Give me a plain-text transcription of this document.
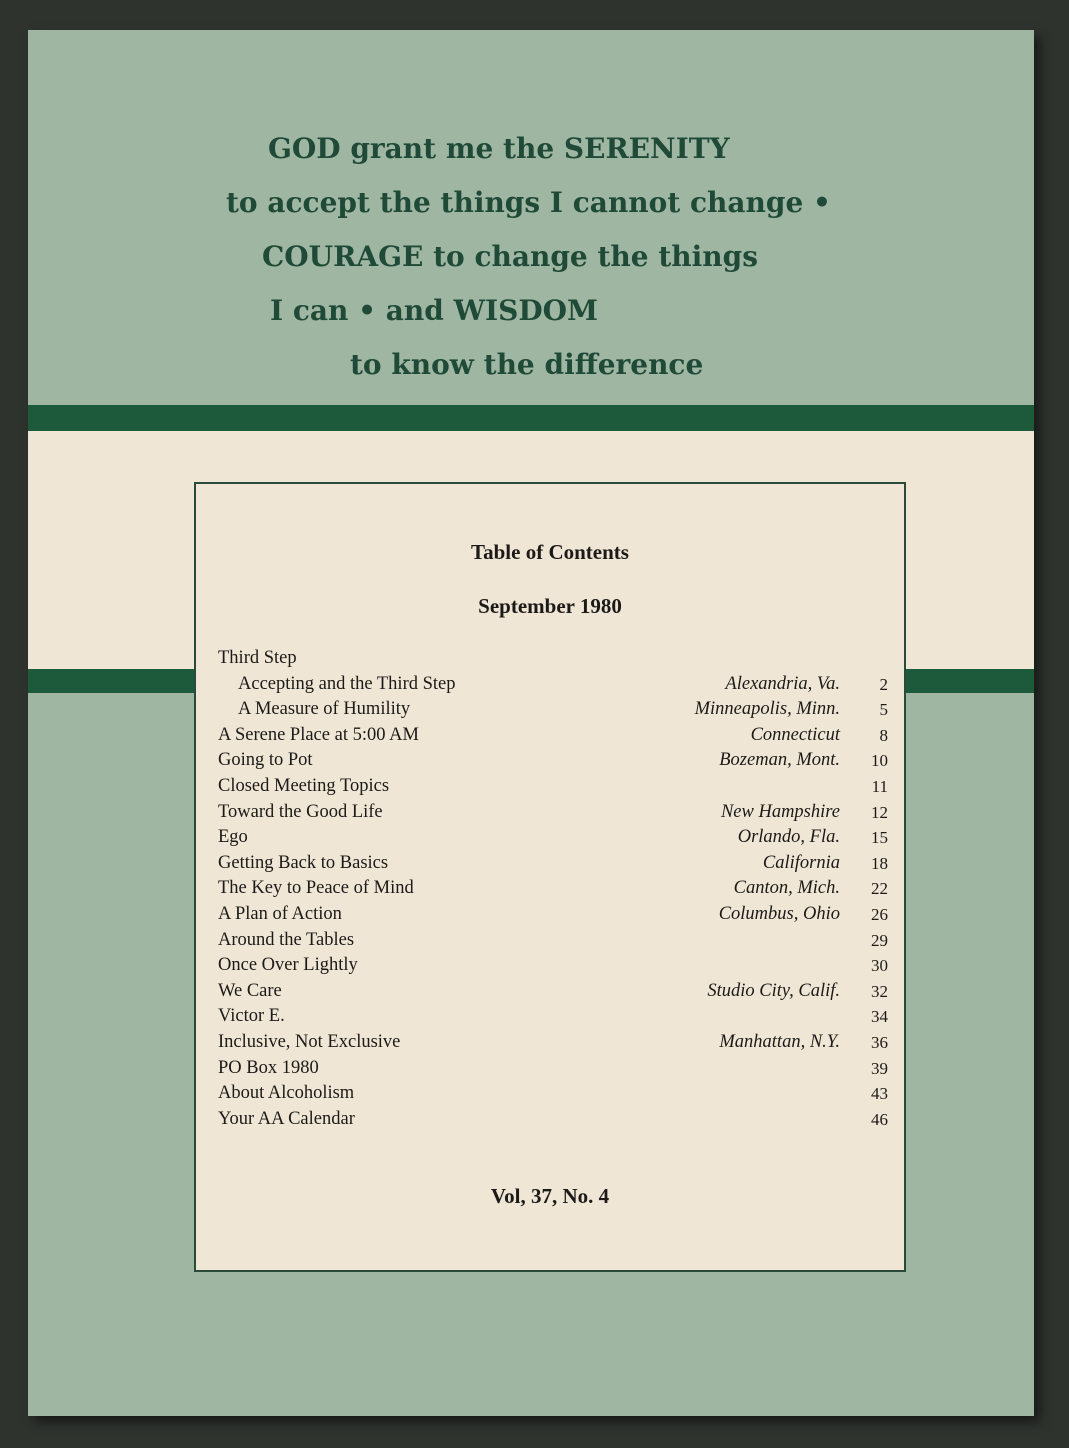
GOD grant me the SERENITY
to accept the things I cannot change •
COURAGE to change the things
I can • and WISDOM
to know the difference
Table of Contents
September 1980
Third Step
Accepting and the Third Step	Alexandria, Va.	2
A Measure of Humility	Minneapolis, Minn.	5
A Serene Place at 5:00 AM	Connecticut	8
Going to Pot	Bozeman, Mont.	10
Closed Meeting Topics	11
Toward the Good Life	New Hampshire	12
Ego	Orlando, Fla.	15
Getting Back to Basics	California	18
The Key to Peace of Mind	Canton, Mich.	22
A Plan of Action	Columbus, Ohio	26
Around the Tables	29
Once Over Lightly	30
We Care	Studio City, Calif.	32
Victor E.	34
Inclusive, Not Exclusive	Manhattan, N.Y.	36
PO Box 1980	39
About Alcoholism	43
Your AA Calendar	46
Vol, 37, No. 4
